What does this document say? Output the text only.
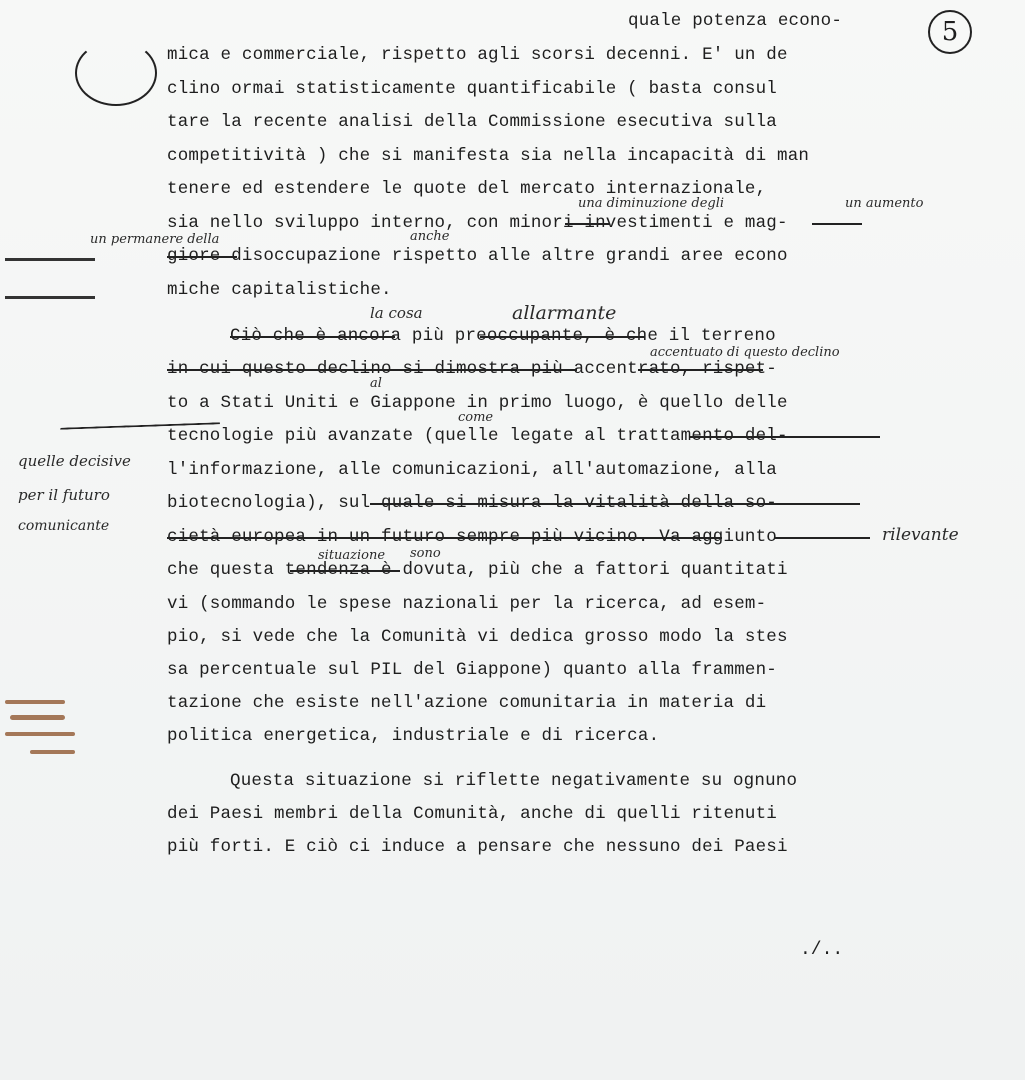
5
quale potenza econo-
mica e commerciale, rispetto agli scorsi decenni. E' un de
clino ormai statisticamente quantificabile ( basta consul
tare la recente analisi della Commissione esecutiva sulla
competitività ) che si manifesta sia nella incapacità di man
tenere ed estendere le quote del mercato internazionale,
sia nello sviluppo interno, con minori investimenti e mag-
giore disoccupazione rispetto alle altre grandi aree econo
miche capitalistiche.
Ciò che è ancora più preoccupante, è che il terreno
in cui questo declino si dimostra più accentrato, rispet-
to a Stati Uniti e Giappone in primo luogo, è quello delle
tecnologie più avanzate (quelle legate al trattamento del-
l'informazione, alle comunicazioni, all'automazione, alla
biotecnologia), sul quale si misura la vitalità della so-
cietà europea in un futuro sempre più vicino. Va aggiunto
che questa tendenza è dovuta, più che a fattori quantitati
vi (sommando le spese nazionali per la ricerca, ad esem-
pio, si vede che la Comunità vi dedica grosso modo la stes
sa percentuale sul PIL del Giappone) quanto alla frammen-
tazione che esiste nell'azione comunitaria in materia di
politica energetica, industriale e di ricerca.
Questa situazione si riflette negativamente su ognuno
dei Paesi membri della Comunità, anche di quelli ritenuti
più forti. E ciò ci induce a pensare che nessuno dei Paesi
./..
una diminuzione degli	un aumento
un permanere della	anche
la cosa	allarmante
accentuato di questo declino
al
come
quelle decisive
per il futuro
comunicante	rilevante
situazione sono
